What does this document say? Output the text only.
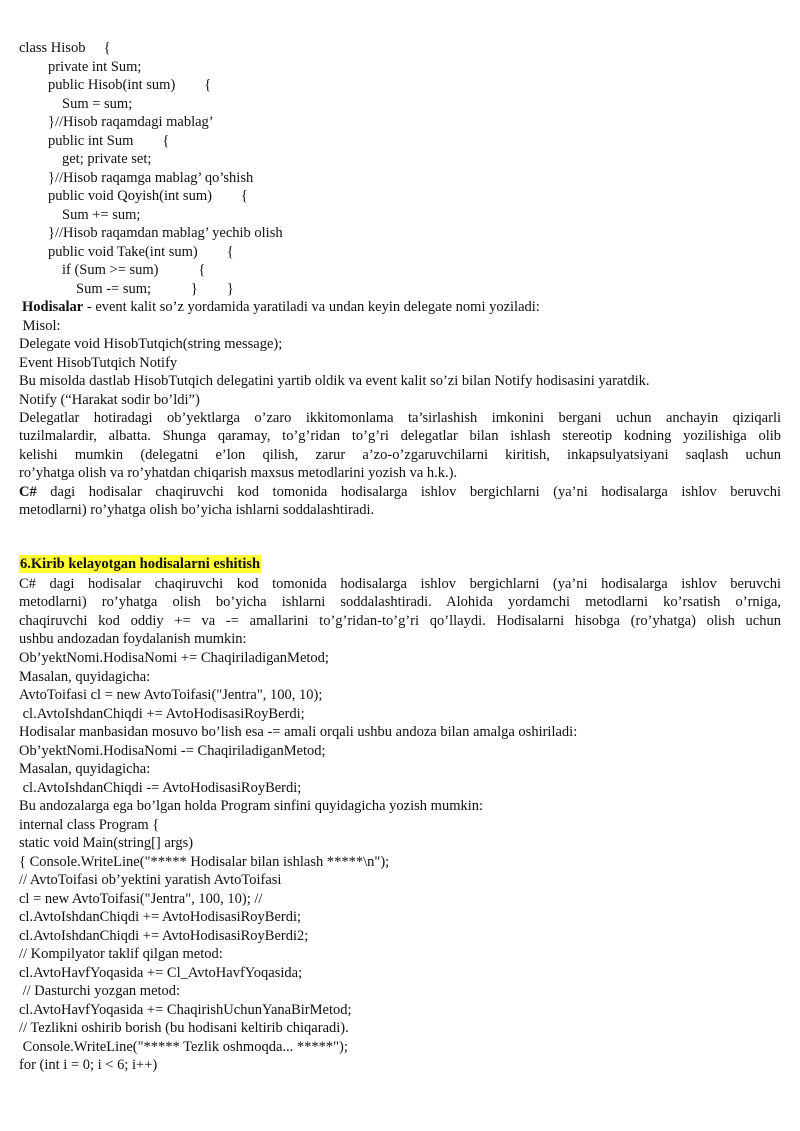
class Hisob     {
private int Sum;
public Hisob(int sum)        {
Sum = sum;
}//Hisob raqamdagi mablag’
public int Sum        {
get; private set;
}//Hisob raqamga mablag’ qo’shish
public void Qoyish(int sum)        {
Sum += sum;
}//Hisob raqamdan mablag’ yechib olish
public void Take(int sum)        {
if (Sum >= sum)           {
Sum -= sum;           }        }
Hodisalar - event kalit so’z yordamida yaratiladi va undan keyin delegate nomi yoziladi:
Misol:
Delegate void HisobTutqich(string message);
Event HisobTutqich Notify
Bu misolda dastlab HisobTutqich delegatini yartib oldik va event kalit so’zi bilan Notify hodisasini yaratdik.
Notify (“Harakat sodir bo’ldi”)
Delegatlar hotiradagi ob’yektlarga o’zaro ikkitomonlama ta’sirlashish imkonini bergani uchun anchayin qiziqarli
tuzilmalardir, albatta. Shunga qaramay, to’g’ridan to’g’ri delegatlar bilan ishlash stereotip kodning yozilishiga olib
kelishi mumkin (delegatni e’lon qilish, zarur a’zo-o’zgaruvchilarni kiritish, inkapsulyatsiyani saqlash uchun
ro’yhatga olish va ro’yhatdan chiqarish maxsus metodlarini yozish va h.k.).
C# dagi hodisalar chaqiruvchi kod tomonida hodisalarga ishlov bergichlarni (ya’ni hodisalarga ishlov beruvchi
metodlarni) ro’yhatga olish bo’yicha ishlarni soddalashtiradi.
6.Kirib kelayotgan hodisalarni eshitish
C# dagi hodisalar chaqiruvchi kod tomonida hodisalarga ishlov bergichlarni (ya’ni hodisalarga ishlov beruvchi
metodlarni) ro’yhatga olish bo’yicha ishlarni soddalashtiradi. Alohida yordamchi metodlarni ko’rsatish o’rniga,
chaqiruvchi kod oddiy += va -= amallarini to’g’ridan-to’g’ri qo’llaydi. Hodisalarni hisobga (ro’yhatga) olish uchun
ushbu andozadan foydalanish mumkin:
Ob’yektNomi.HodisaNomi += ChaqiriladiganMetod;
Masalan, quyidagicha:
AvtoToifasi cl = new AvtoToifasi("Jentra", 100, 10);
cl.AvtoIshdanChiqdi += AvtoHodisasiRoyBerdi;
Hodisalar manbasidan mosuvo bo’lish esa -= amali orqali ushbu andoza bilan amalga oshiriladi:
Ob’yektNomi.HodisaNomi -= ChaqiriladiganMetod;
Masalan, quyidagicha:
cl.AvtoIshdanChiqdi -= AvtoHodisasiRoyBerdi;
Bu andozalarga ega bo’lgan holda Program sinfini quyidagicha yozish mumkin:
internal class Program {
static void Main(string[] args)
{ Console.WriteLine("***** Hodisalar bilan ishlash *****\n");
// AvtoToifasi ob’yektini yaratish AvtoToifasi
cl = new AvtoToifasi("Jentra", 100, 10); //
cl.AvtoIshdanChiqdi += AvtoHodisasiRoyBerdi;
cl.AvtoIshdanChiqdi += AvtoHodisasiRoyBerdi2;
// Kompilyator taklif qilgan metod:
cl.AvtoHavfYoqasida += Cl_AvtoHavfYoqasida;
// Dasturchi yozgan metod:
cl.AvtoHavfYoqasida += ChaqirishUchunYanaBirMetod;
// Tezlikni oshirib borish (bu hodisani keltirib chiqaradi).
Console.WriteLine("***** Tezlik oshmoqda... *****");
for (int i = 0; i < 6; i++)
